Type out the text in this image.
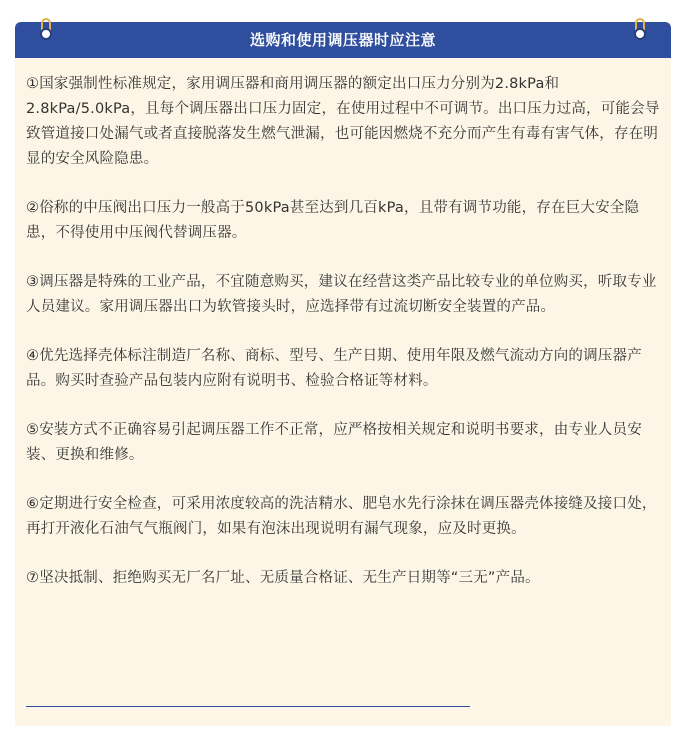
选购和使用调压器时应注意

①国家强制性标准规定，家用调压器和商用调压器的额定出口压力分别为2.8kPa和2.8kPa/5.0kPa，且每个调压器出口压力固定，在使用过程中不可调节。出口压力过高，可能会导致管道接口处漏气或者直接脱落发生燃气泄漏，也可能因燃烧不充分而产生有毒有害气体，存在明显的安全风险隐患。

②俗称的中压阀出口压力一般高于50kPa甚至达到几百kPa，且带有调节功能，存在巨大安全隐患，不得使用中压阀代替调压器。

③调压器是特殊的工业产品，不宜随意购买，建议在经营这类产品比较专业的单位购买，听取专业人员建议。家用调压器出口为软管接头时，应选择带有过流切断安全装置的产品。

④优先选择壳体标注制造厂名称、商标、型号、生产日期、使用年限及燃气流动方向的调压器产品。购买时查验产品包装内应附有说明书、检验合格证等材料。

⑤安装方式不正确容易引起调压器工作不正常，应严格按相关规定和说明书要求，由专业人员安装、更换和维修。

⑥定期进行安全检查，可采用浓度较高的洗洁精水、肥皂水先行涂抹在调压器壳体接缝及接口处，再打开液化石油气气瓶阀门，如果有泡沫出现说明有漏气现象，应及时更换。

⑦坚决抵制、拒绝购买无厂名厂址、无质量合格证、无生产日期等“三无”产品。
